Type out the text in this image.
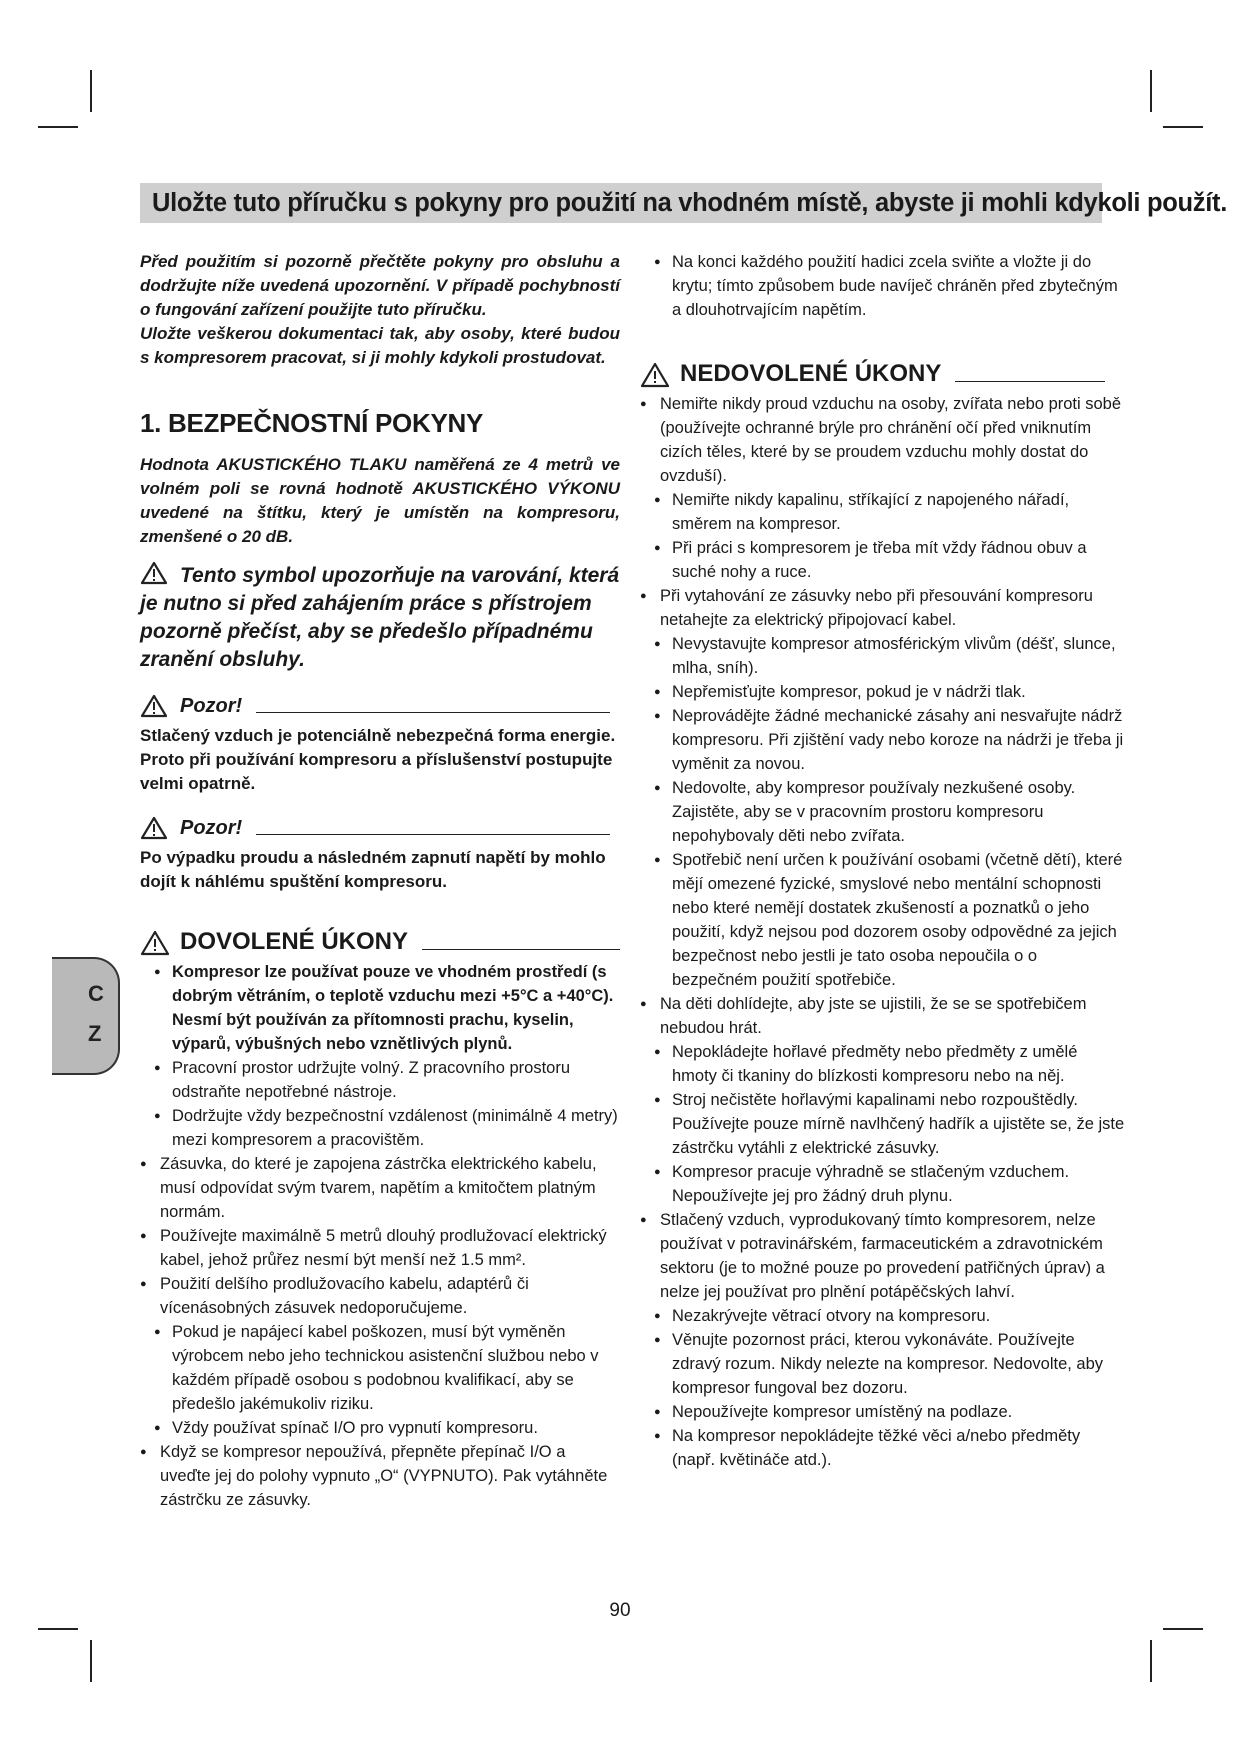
Uložte tuto příručku s pokyny pro použití na vhodném místě, abyste ji mohli kdykoli použít.

Před použitím si pozorně přečtěte pokyny pro obsluhu a dodržujte níže uvedená upozornění. V případě pochybností o fungování zařízení použijte tuto příručku.

Uložte veškerou dokumentaci tak, aby osoby, které budou s kompresorem pracovat, si ji mohly kdykoli prostudovat.

1. BEZPEČNOSTNÍ POKYNY

Hodnota AKUSTICKÉHO TLAKU naměřená ze 4 metrů ve volném poli se rovná hodnotě AKUSTICKÉHO VÝKONU uvedené na štítku, který je umístěn na kompresoru, zmenšené o 20 dB.

Tento symbol upozorňuje na varování, která je nutno si před zahájením práce s přístrojem pozorně přečíst, aby se předešlo případnému zranění obsluhy.

Pozor!

Stlačený vzduch je potenciálně nebezpečná forma energie. Proto při používání kompresoru a příslušenství postupujte velmi opatrně.

Pozor!

Po výpadku proudu a následném zapnutí napětí by mohlo dojít k náhlému spuštění kompresoru.

DOVOLENÉ ÚKONY
● Kompresor lze používat pouze ve vhodném prostředí (s dobrým větráním, o teplotě vzduchu mezi +5°C a +40°C). Nesmí být používán za přítomnosti prachu, kyselin, výparů, výbušných nebo vznětlivých plynů.
● Pracovní prostor udržujte volný. Z pracovního prostoru odstraňte nepotřebné nástroje.
● Dodržujte vždy bezpečnostní vzdálenost (minimálně 4 metry) mezi kompresorem a pracovištěm.
● Zásuvka, do které je zapojena zástrčka elektrického kabelu, musí odpovídat svým tvarem, napětím a kmitočtem platným normám.
● Používejte maximálně 5 metrů dlouhý prodlužovací elektrický kabel, jehož průřez nesmí být menší než 1.5 mm².
● Použití delšího prodlužovacího kabelu, adaptérů či vícenásobných zásuvek nedoporučujeme.
● Pokud je napájecí kabel poškozen, musí být vyměněn výrobcem nebo jeho technickou asistenční službou nebo v každém případě osobou s podobnou kvalifikací, aby se předešlo jakémukoliv riziku.
● Vždy používat spínač I/O pro vypnutí kompresoru.
● Když se kompresor nepoužívá, přepněte přepínač I/O a uveďte jej do polohy vypnuto „O“ (VYPNUTO). Pak vytáhněte zástrčku ze zásuvky.
● Na konci každého použití hadici zcela sviňte a vložte ji do krytu; tímto způsobem bude navíječ chráněn před zbytečným a dlouhotrvajícím napětím.
NEDOVOLENÉ ÚKONY
● Nemiřte nikdy proud vzduchu na osoby, zvířata nebo proti sobě (používejte ochranné brýle pro chránění očí před vniknutím cizích těles, které by se proudem vzduchu mohly dostat do ovzduší).
● Nemiřte nikdy kapalinu, stříkající z napojeného nářadí, směrem na kompresor.
● Při práci s kompresorem je třeba mít vždy řádnou obuv a suché nohy a ruce.
● Při vytahování ze zásuvky nebo při přesouvání kompresoru netahejte za elektrický připojovací kabel.
● Nevystavujte kompresor atmosférickým vlivům (déšť, slunce, mlha, sníh).
● Nepřemisťujte kompresor, pokud je v nádrži tlak.
● Neprovádějte žádné mechanické zásahy ani nesvařujte nádrž kompresoru. Při zjištění vady nebo koroze na nádrži je třeba ji vyměnit za novou.
● Nedovolte, aby kompresor používaly nezkušené osoby. Zajistěte, aby se v pracovním prostoru kompresoru nepohybovaly děti nebo zvířata.
● Spotřebič není určen k používání osobami (včetně dětí), které mějí omezené fyzické, smyslové nebo mentální schopnosti nebo které nemějí dostatek zkušeností a poznatků o jeho použití, když nejsou pod dozorem osoby odpovědné za jejich bezpečnost nebo jestli je tato osoba nepoučila o o bezpečném použití spotřebiče.
● Na děti dohlídejte, aby jste se ujistili, že se se spotřebičem nebudou hrát.
● Nepokládejte hořlavé předměty nebo předměty z umělé hmoty či tkaniny do blízkosti kompresoru nebo na něj.
● Stroj nečistěte hořlavými kapalinami nebo rozpouštědly. Používejte pouze mírně navlhčený hadřík a ujistěte se, že jste zástrčku vytáhli z elektrické zásuvky.
● Kompresor pracuje výhradně se stlačeným vzduchem. Nepoužívejte jej pro žádný druh plynu.
● Stlačený vzduch, vyprodukovaný tímto kompresorem, nelze používat v potravinářském, farmaceutickém a zdravotnickém sektoru (je to možné pouze po provedení patřičných úprav) a nelze jej používat pro plnění potápěčských lahví.
● Nezakrývejte větrací otvory na kompresoru.
● Věnujte pozornost práci, kterou vykonáváte. Používejte zdravý rozum. Nikdy nelezte na kompresor. Nedovolte, aby kompresor fungoval bez dozoru.
● Nepoužívejte kompresor umístěný na podlaze.
● Na kompresor nepokládejte těžké věci a/nebo předměty (např. květináče atd.).
C
Z
90
